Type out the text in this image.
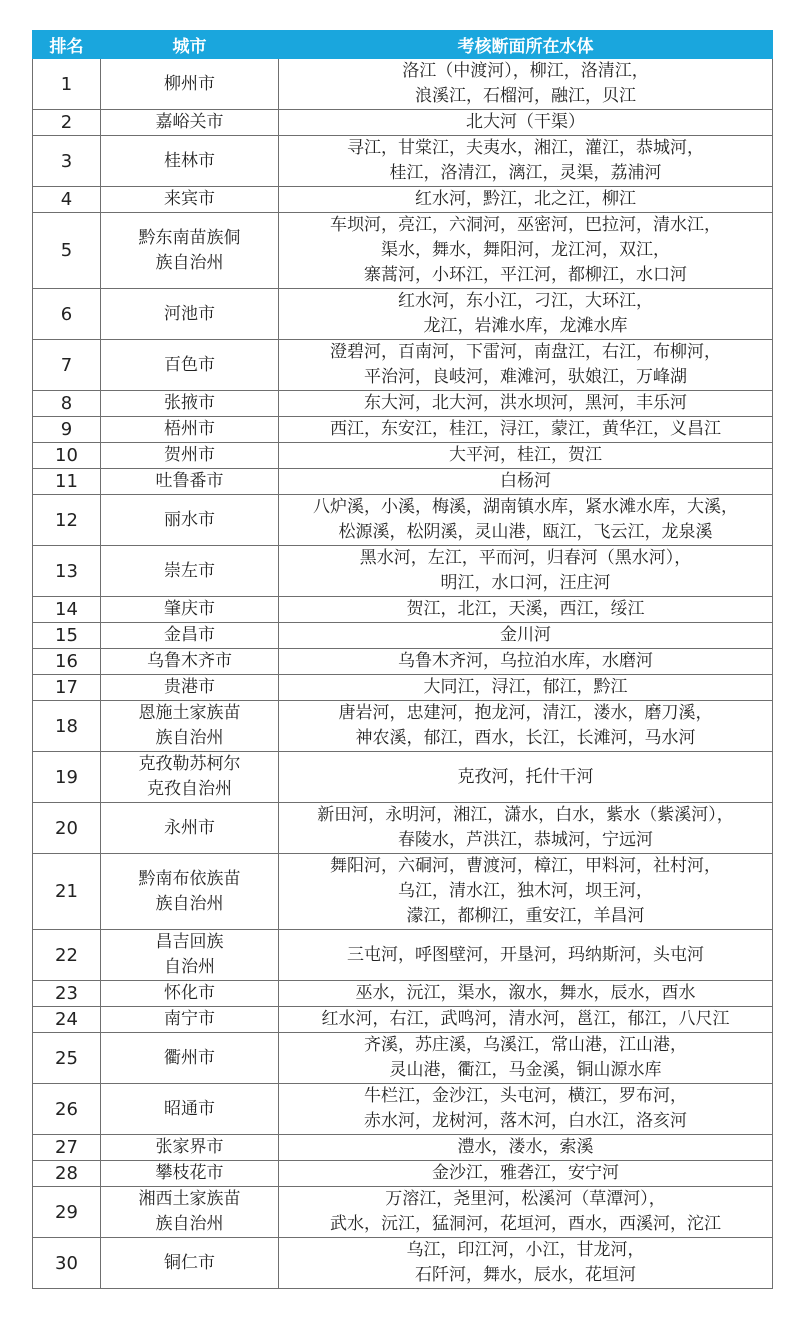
排名	城市	考核断面所在水体
1	柳州市	洛江（中渡河），柳江，洛清江，
浪溪江，石榴河，融江，贝江

2	嘉峪关市	北大河（干渠）

3	桂林市	寻江，甘棠江，夫夷水，湘江，灌江，恭城河，
桂江，洛清江，漓江，灵渠，荔浦河

4	来宾市	红水河，黔江，北之江，柳江

5	黔东南苗族侗
族自治州	车坝河，亮江，六洞河，巫密河，巴拉河，清水江，
渠水，舞水，舞阳河，龙江河，双江，
寨蒿河，小环江，平江河，都柳江，水口河

6	河池市	红水河，东小江，刁江，大环江，
龙江，岩滩水库，龙滩水库

7	百色市	澄碧河，百南河，下雷河，南盘江，右江，布柳河，
平治河，良岐河，难滩河，驮娘江，万峰湖

8	张掖市	东大河，北大河，洪水坝河，黑河，丰乐河

9	梧州市	西江，东安江，桂江，浔江，蒙江，黄华江，义昌江

10	贺州市	大平河，桂江，贺江

11	吐鲁番市	白杨河

12	丽水市	八炉溪，小溪，梅溪，湖南镇水库，紧水滩水库，大溪，
松源溪，松阴溪，灵山港，瓯江，飞云江，龙泉溪

13	崇左市	黑水河，左江，平而河，归春河（黑水河），
明江，水口河，汪庄河

14	肇庆市	贺江，北江，天溪，西江，绥江

15	金昌市	金川河

16	乌鲁木齐市	乌鲁木齐河，乌拉泊水库，水磨河

17	贵港市	大同江，浔江，郁江，黔江

18	恩施土家族苗
族自治州	唐岩河，忠建河，抱龙河，清江，溇水，磨刀溪，
神农溪，郁江，酉水，长江，长滩河，马水河

19	克孜勒苏柯尔
克孜自治州	克孜河，托什干河

20	永州市	新田河，永明河，湘江，潇水，白水，紫水（紫溪河），
春陵水，芦洪江，恭城河，宁远河

21	黔南布依族苗
族自治州	舞阳河，六硐河，曹渡河，樟江，甲料河，社村河，
乌江，清水江，独木河，坝王河，
濛江，都柳江，重安江，羊昌河

22	昌吉回族
自治州	三屯河，呼图壁河，开垦河，玛纳斯河，头屯河

23	怀化市	巫水，沅江，渠水，溆水，舞水，辰水，酉水

24	南宁市	红水河，右江，武鸣河，清水河，邕江，郁江，八尺江

25	衢州市	齐溪，苏庄溪，乌溪江，常山港，江山港，
灵山港，衢江，马金溪，铜山源水库

26	昭通市	牛栏江，金沙江，头屯河，横江，罗布河，
赤水河，龙树河，落木河，白水江，洛亥河

27	张家界市	澧水，溇水，索溪

28	攀枝花市	金沙江，雅砻江，安宁河

29	湘西土家族苗
族自治州	万溶江，尧里河，松溪河（草潭河），
武水，沅江，猛洞河，花垣河，酉水，西溪河，沱江

30	铜仁市	乌江，印江河，小江，甘龙河，
石阡河，舞水，辰水，花垣河
